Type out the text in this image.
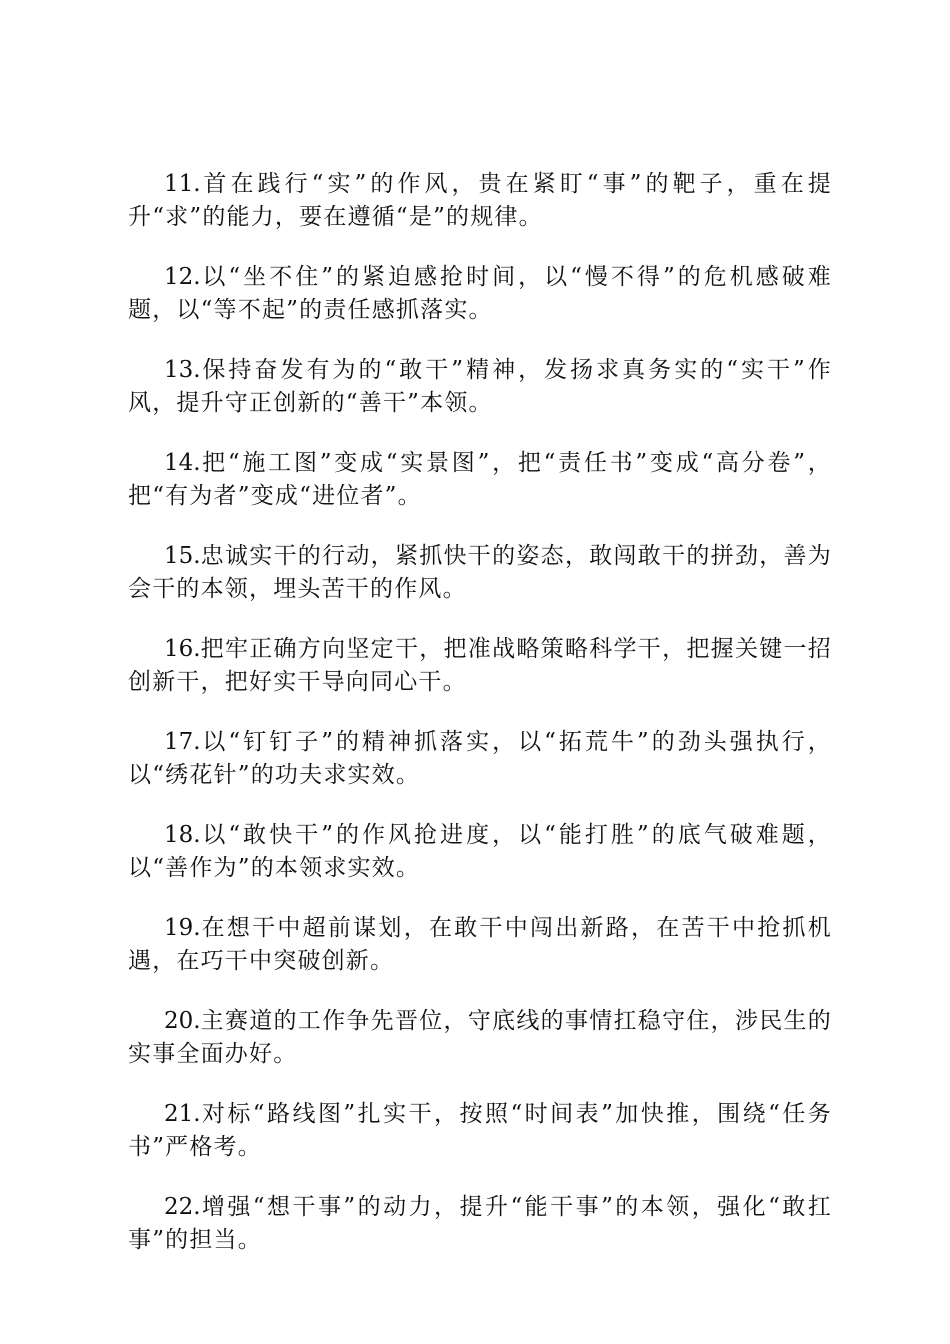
11.首在践行“实”的作风，贵在紧盯“事”的靶子，重在提升“求”的能力，要在遵循“是”的规律。

12.以“坐不住”的紧迫感抢时间，以“慢不得”的危机感破难题，以“等不起”的责任感抓落实。

13.保持奋发有为的“敢干”精神，发扬求真务实的“实干”作风，提升守正创新的“善干”本领。

14.把“施工图”变成“实景图”，把“责任书”变成“高分卷”，把“有为者”变成“进位者”。

15.忠诚实干的行动，紧抓快干的姿态，敢闯敢干的拼劲，善为会干的本领，埋头苦干的作风。

16.把牢正确方向坚定干，把准战略策略科学干，把握关键一招创新干，把好实干导向同心干。

17.以“钉钉子”的精神抓落实，以“拓荒牛”的劲头强执行，以“绣花针”的功夫求实效。

18.以“敢快干”的作风抢进度，以“能打胜”的底气破难题，以“善作为”的本领求实效。

19.在想干中超前谋划，在敢干中闯出新路，在苦干中抢抓机遇，在巧干中突破创新。

20.主赛道的工作争先晋位，守底线的事情扛稳守住，涉民生的实事全面办好。

21.对标“路线图”扎实干，按照“时间表”加快推，围绕“任务书”严格考。

22.增强“想干事”的动力，提升“能干事”的本领，强化“敢扛事”的担当。
